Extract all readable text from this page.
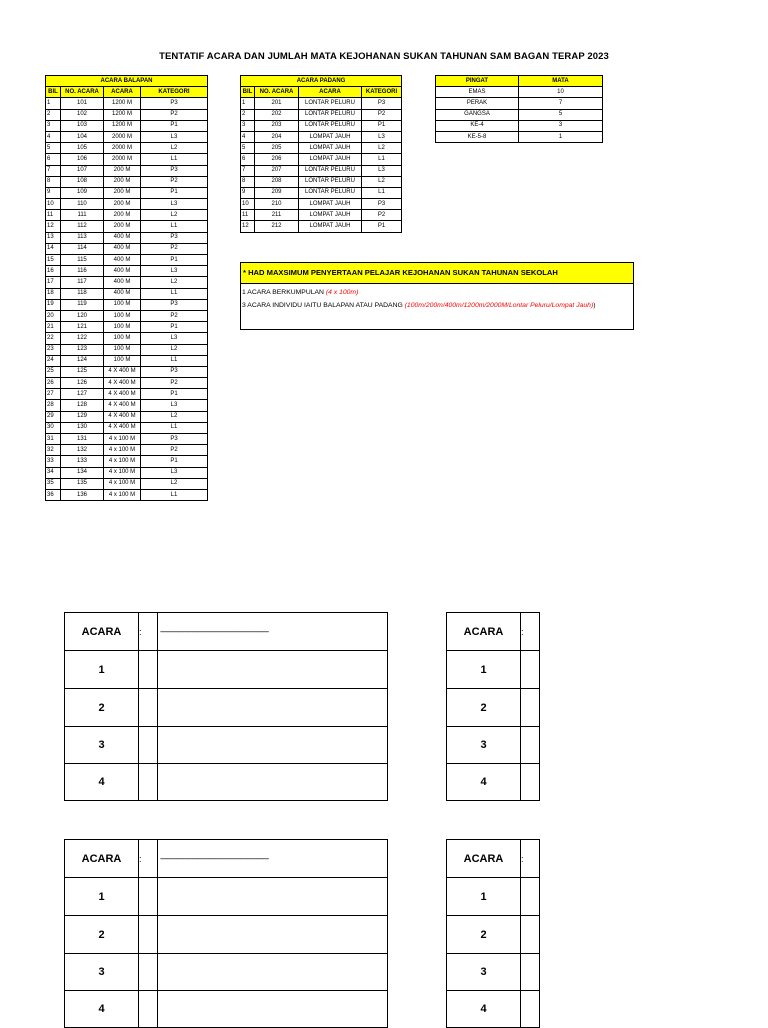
TENTATIF ACARA DAN JUMLAH MATA KEJOHANAN SUKAN TAHUNAN SAM BAGAN TERAP 2023
ACARA BALAPAN			
BIL	NO. ACARA	ACARA	KATEGORI
1	101	1200 M	P3
2	102	1200 M	P2
3	103	1200 M	P1
4	104	2000 M	L3
5	105	2000 M	L2
6	106	2000 M	L1
7	107	200 M	P3
8	108	200 M	P2
9	109	200 M	P1
10	110	200 M	L3
11	111	200 M	L2
12	112	200 M	L1
13	113	400 M	P3
14	114	400 M	P2
15	115	400 M	P1
16	116	400 M	L3
17	117	400 M	L2
18	118	400 M	L1
19	119	100 M	P3
20	120	100 M	P2
21	121	100 M	P1
22	122	100 M	L3
23	123	100 M	L2
24	124	100 M	L1
25	125	4 X 400 M	P3
26	126	4 X 400 M	P2
27	127	4 X 400 M	P1
28	128	4 X 400 M	L3
29	129	4 X 400 M	L2
30	130	4 X 400 M	L1
31	131	4 x 100 M	P3
32	132	4 x 100 M	P2
33	133	4 x 100 M	P1
34	134	4 x 100 M	L3
35	135	4 x 100 M	L2
36	136	4 x 100 M	L1
ACARA PADANG			
BIL	NO. ACARA	ACARA	KATEGORI
1	201	LONTAR PELURU	P3
2	202	LONTAR PELURU	P2
3	203	LONTAR PELURU	P1
4	204	LOMPAT JAUH	L3
5	205	LOMPAT JAUH	L2
6	206	LOMPAT JAUH	L1
7	207	LONTAR PELURU	L3
8	208	LONTAR PELURU	L2
9	209	LONTAR PELURU	L1
10	210	LOMPAT JAUH	P3
11	211	LOMPAT JAUH	P2
12	212	LOMPAT JAUH	P1
PINGAT	MATA
EMAS	10
PERAK	7
GANGSA	5
KE-4	3
KE-5-8	1
* HAD MAXSIMUM PENYERTAAN PELAJAR KEJOHANAN SUKAN TAHUNAN SEKOLAH
1 ACARA BERKUMPULAN (4 x 100m)
3 ACARA INDIVIDU IAITU BALAPAN ATAU PADANG (100m/200m/400m/1200m/2000M/Lontar Peluru/Lompat Jauh))
ACARA	:	-----------------------------------------------------------------
1		
2		
3		
4		
ACARA	:
1	
2	
3	
4	
ACARA	:	-----------------------------------------------------------------
1		
2		
3		
4		
ACARA	:
1	
2	
3	
4	
